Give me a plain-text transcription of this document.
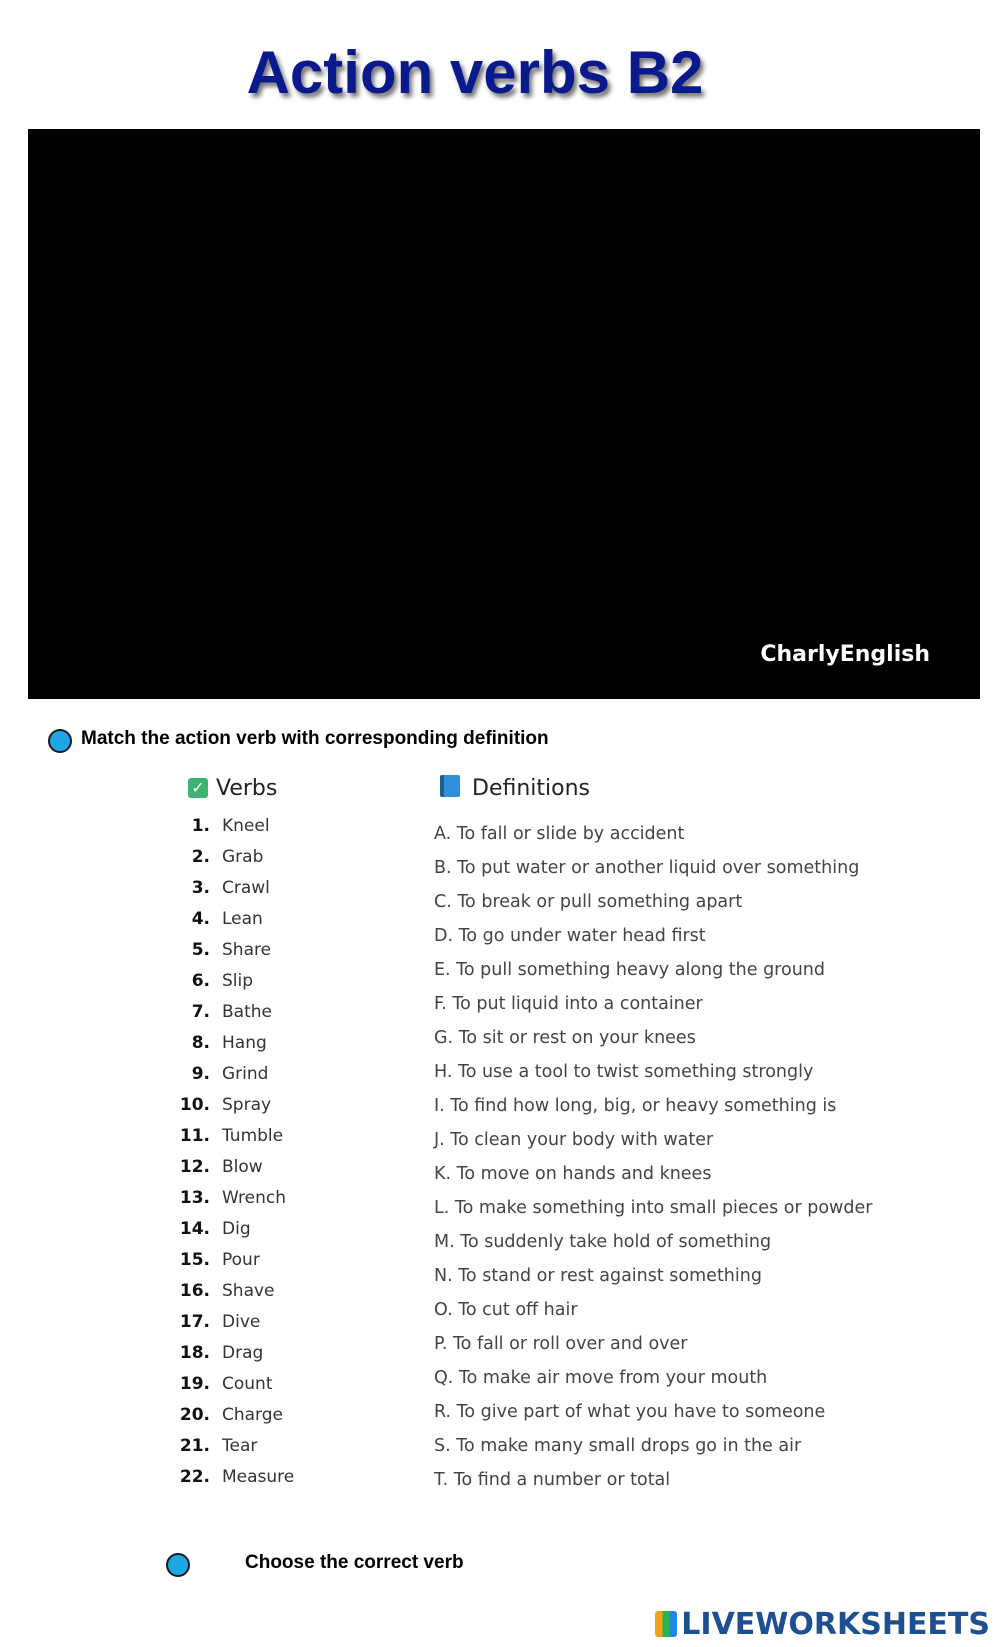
Action verbs B2
CharlyEnglish
Match the action verb with corresponding definition
✓ Verbs	Definitions
1. Kneel
2. Grab
3. Crawl
4. Lean
5. Share
6. Slip
7. Bathe
8. Hang
9. Grind
10. Spray
11. Tumble
12. Blow
13. Wrench
14. Dig
15. Pour
16. Shave
17. Dive
18. Drag
19. Count
20. Charge
21. Tear
22. Measure
A. To fall or slide by accident
B. To put water or another liquid over something
C. To break or pull something apart
D. To go under water head first
E. To pull something heavy along the ground
F. To put liquid into a container
G. To sit or rest on your knees
H. To use a tool to twist something strongly
I. To find how long, big, or heavy something is
J. To clean your body with water
K. To move on hands and knees
L. To make something into small pieces or powder
M. To suddenly take hold of something
N. To stand or rest against something
O. To cut off hair
P. To fall or roll over and over
Q. To make air move from your mouth
R. To give part of what you have to someone
S. To make many small drops go in the air
T. To find a number or total
Choose the correct verb
LIVEWORKSHEETS
